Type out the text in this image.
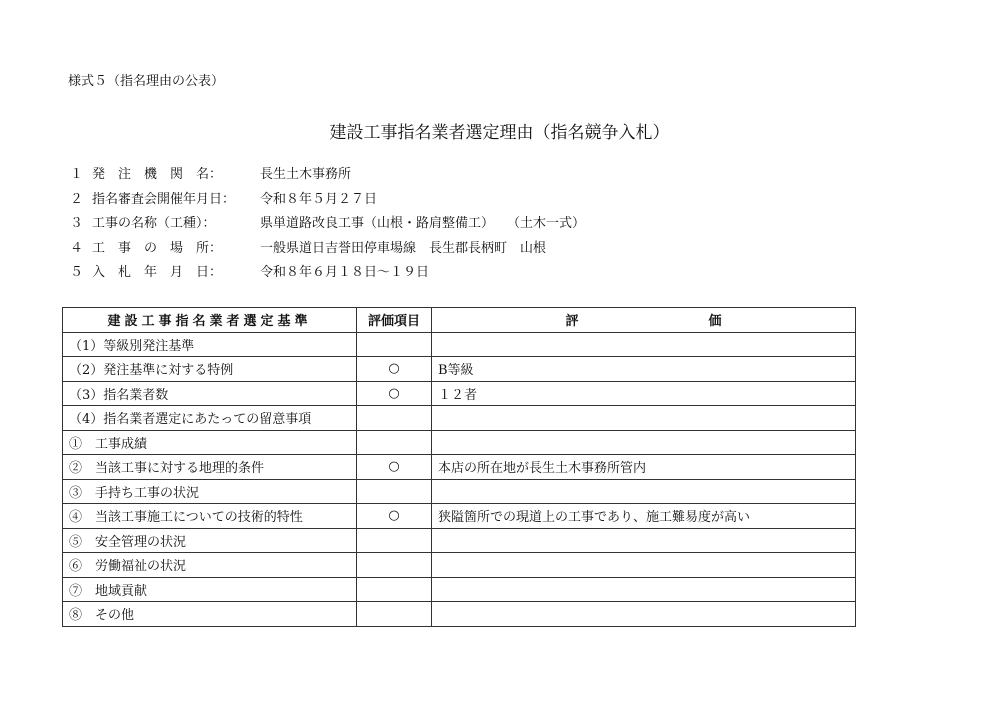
様式５（指名理由の公表）
建設工事指名業者選定理由（指名競争入札）
１ 発　注　機　関　名：	長生土木事務所
２ 指名審査会開催年月日：	令和８年５月２７日
３ 工事の名称（工種）：	県単道路改良工事（山根・路肩整備工）　　（土木一式）
４ 工　事　の　場　所：	一般県道日吉誉田停車場線　長生郡長柄町　山根
５ 入　札　年　月　日：	令和８年６月１８日～１９日
建設工事指名業者選定基準	評価項目	評 価
（1）等級別発注基準		
（2）発注基準に対する特例	○	B等級
（3）指名業者数	○	１２者
（4）指名業者選定にあたっての留意事項		
①　工事成績		
②　当該工事に対する地理的条件	○	本店の所在地が長生土木事務所管内
③　手持ち工事の状況		
④　当該工事施工についての技術的特性	○	狭隘箇所での現道上の工事であり、施工難易度が高い
⑤　安全管理の状況		
⑥　労働福祉の状況		
⑦　地域貢献		
⑧　その他		
